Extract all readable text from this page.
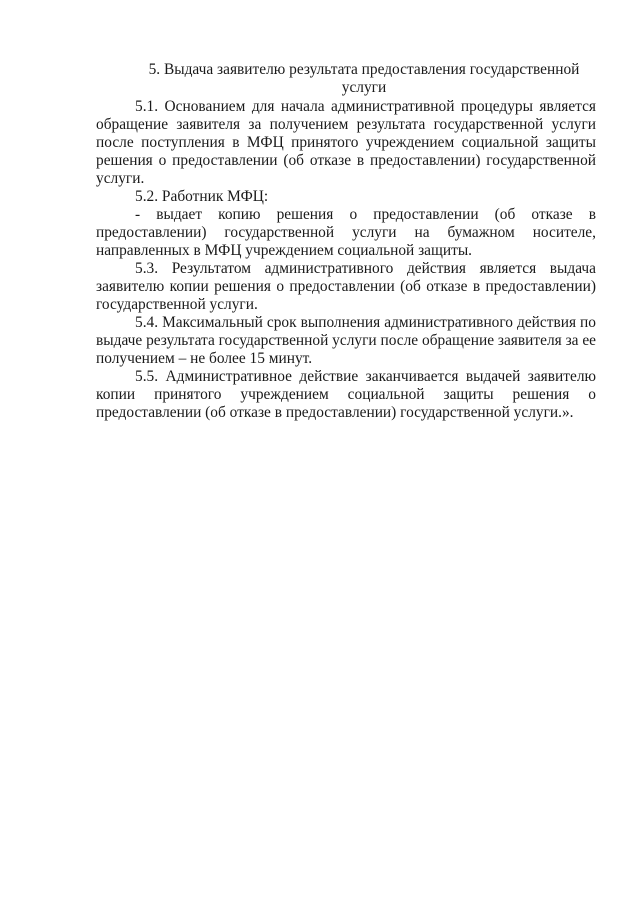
5. Выдача заявителю результата предоставления государственной
услуги

5.1. Основанием для начала административной процедуры является обращение заявителя за получением результата государственной услуги после поступления в МФЦ принятого учреждением социальной защиты решения о предоставлении (об отказе в предоставлении) государственной услуги.

5.2. Работник МФЦ:

- выдает копию решения о предоставлении (об отказе в предоставлении) государственной услуги на бумажном носителе, направленных в МФЦ учреждением социальной защиты.

5.3. Результатом административного действия является выдача заявителю копии решения о предоставлении (об отказе в предоставлении) государственной услуги.

5.4. Максимальный срок выполнения административного действия по выдаче результата государственной услуги после обращение заявителя за ее получением – не более 15 минут.

5.5. Административное действие заканчивается выдачей заявителю копии принятого учреждением социальной защиты решения о предоставлении (об отказе в предоставлении) государственной услуги.».
